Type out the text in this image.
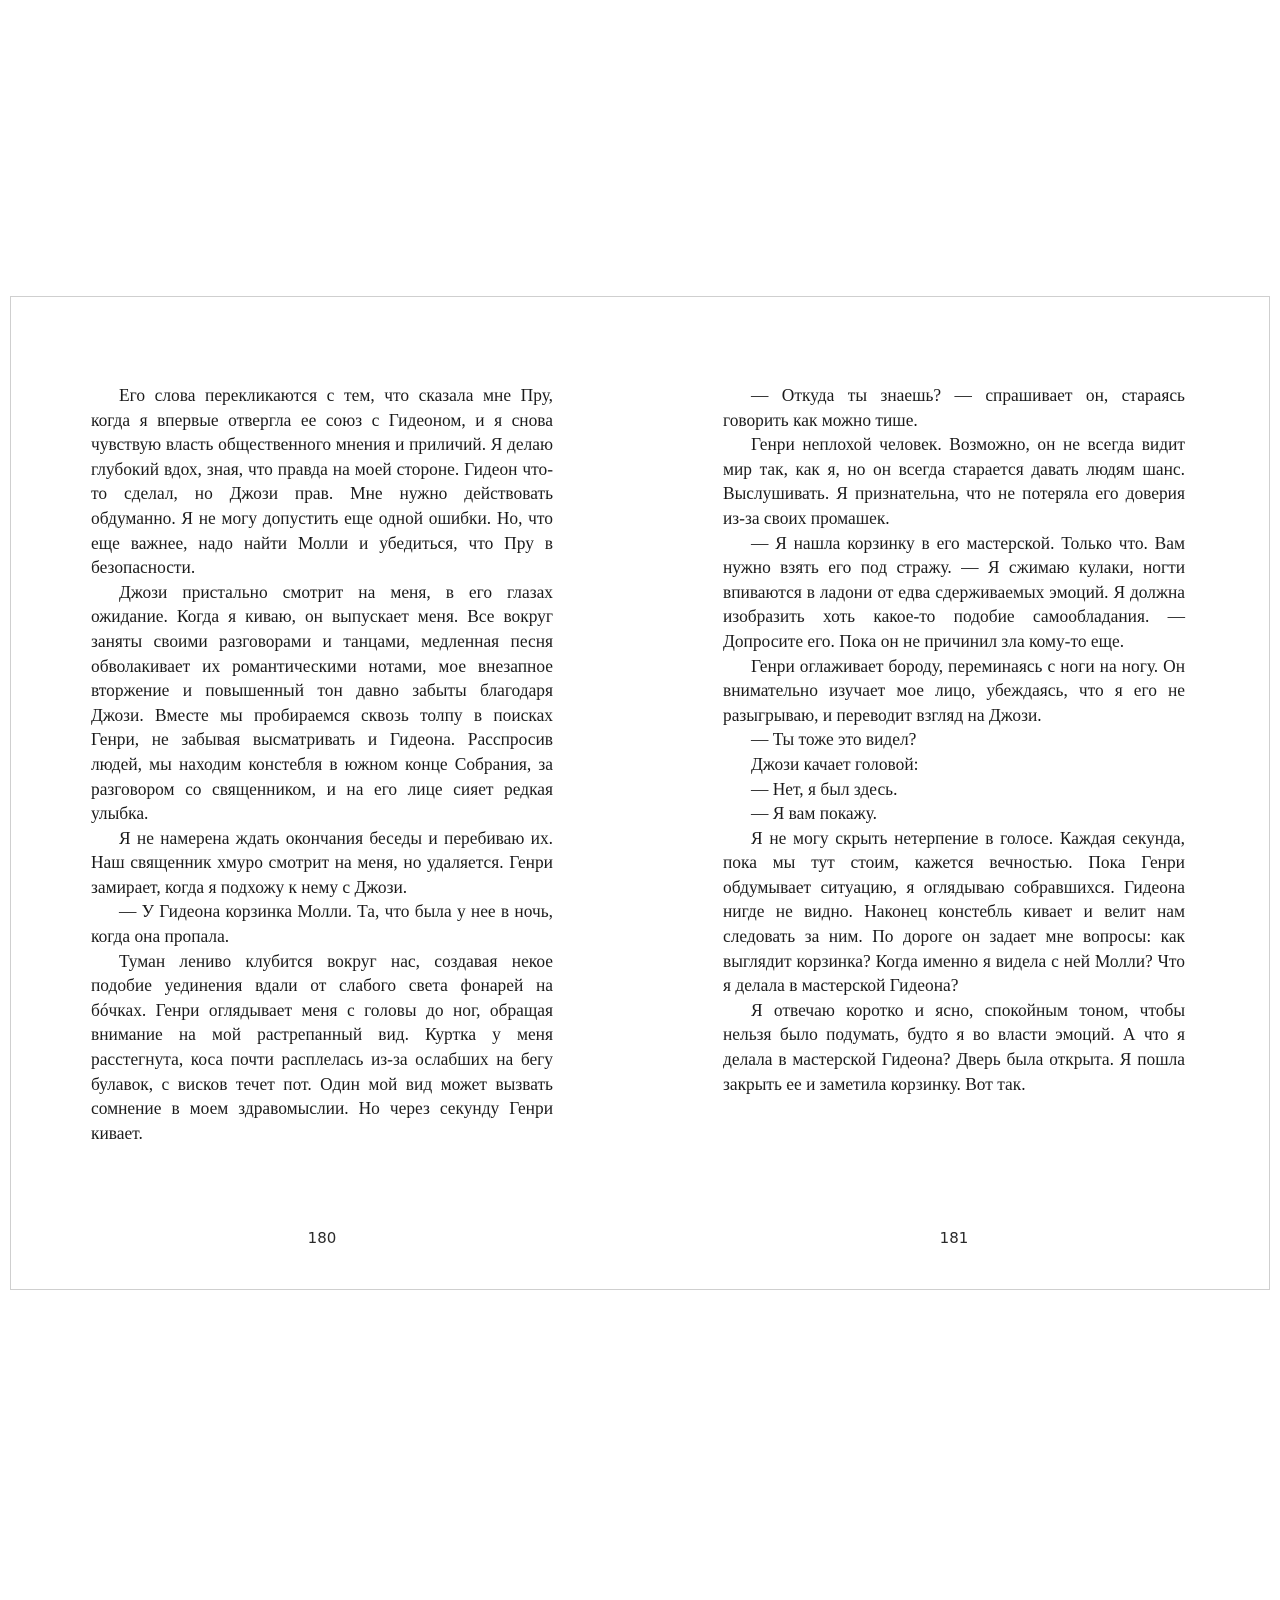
Его слова перекликаются с тем, что сказала мне Пру, когда я впервые отвергла ее союз с Гидеоном, и я снова чувствую власть общественного мнения и приличий. Я делаю глубокий вдох, зная, что правда на моей стороне. Гидеон что-то сделал, но Джози прав. Мне нужно действовать обдуманно. Я не могу допустить еще одной ошибки. Но, что еще важнее, надо найти Молли и убедиться, что Пру в безопасности.

Джози пристально смотрит на меня, в его глазах ожидание. Когда я киваю, он выпускает меня. Все вокруг заняты своими разговорами и танцами, медленная песня обволакивает их романтическими нотами, мое внезапное вторжение и повышенный тон давно забыты благодаря Джози. Вместе мы пробираемся сквозь толпу в поисках Генри, не забывая высматривать и Гидеона. Расспросив людей, мы находим констебля в южном конце Собрания, за разговором со священником, и на его лице сияет редкая улыбка.

Я не намерена ждать окончания беседы и перебиваю их. Наш священник хмуро смотрит на меня, но удаляется. Генри замирает, когда я подхожу к нему с Джози.

— У Гидеона корзинка Молли. Та, что была у нее в ночь, когда она пропала.

Туман лениво клубится вокруг нас, создавая некое подобие уединения вдали от слабого света фонарей на бóчках. Генри оглядывает меня с головы до ног, обращая внимание на мой растрепанный вид. Куртка у меня расстегнута, коса почти расплелась из-за ослабших на бегу булавок, с висков течет пот. Один мой вид может вызвать сомнение в моем здравомыслии. Но через секунду Генри кивает.

— Откуда ты знаешь? — спрашивает он, стараясь говорить как можно тише.

Генри неплохой человек. Возможно, он не всегда видит мир так, как я, но он всегда старается давать людям шанс. Выслушивать. Я признательна, что не потеряла его доверия из-за своих промашек.

— Я нашла корзинку в его мастерской. Только что. Вам нужно взять его под стражу. — Я сжимаю кулаки, ногти впиваются в ладони от едва сдерживаемых эмоций. Я должна изобразить хоть какое-то подобие самообладания. — Допросите его. Пока он не причинил зла кому-то еще.

Генри оглаживает бороду, переминаясь с ноги на ногу. Он внимательно изучает мое лицо, убеждаясь, что я его не разыгрываю, и переводит взгляд на Джози.

— Ты тоже это видел?

Джози качает головой:

— Нет, я был здесь.

— Я вам покажу.

Я не могу скрыть нетерпение в голосе. Каждая секунда, пока мы тут стоим, кажется вечностью. Пока Генри обдумывает ситуацию, я оглядываю собравшихся. Гидеона нигде не видно. Наконец констебль кивает и велит нам следовать за ним. По дороге он задает мне вопросы: как выглядит корзинка? Когда именно я видела с ней Молли? Что я делала в мастерской Гидеона?

Я отвечаю коротко и ясно, спокойным тоном, чтобы нельзя было подумать, будто я во власти эмоций. А что я делала в мастерской Гидеона? Дверь была открыта. Я пошла закрыть ее и заметила корзинку. Вот так.

180	181
